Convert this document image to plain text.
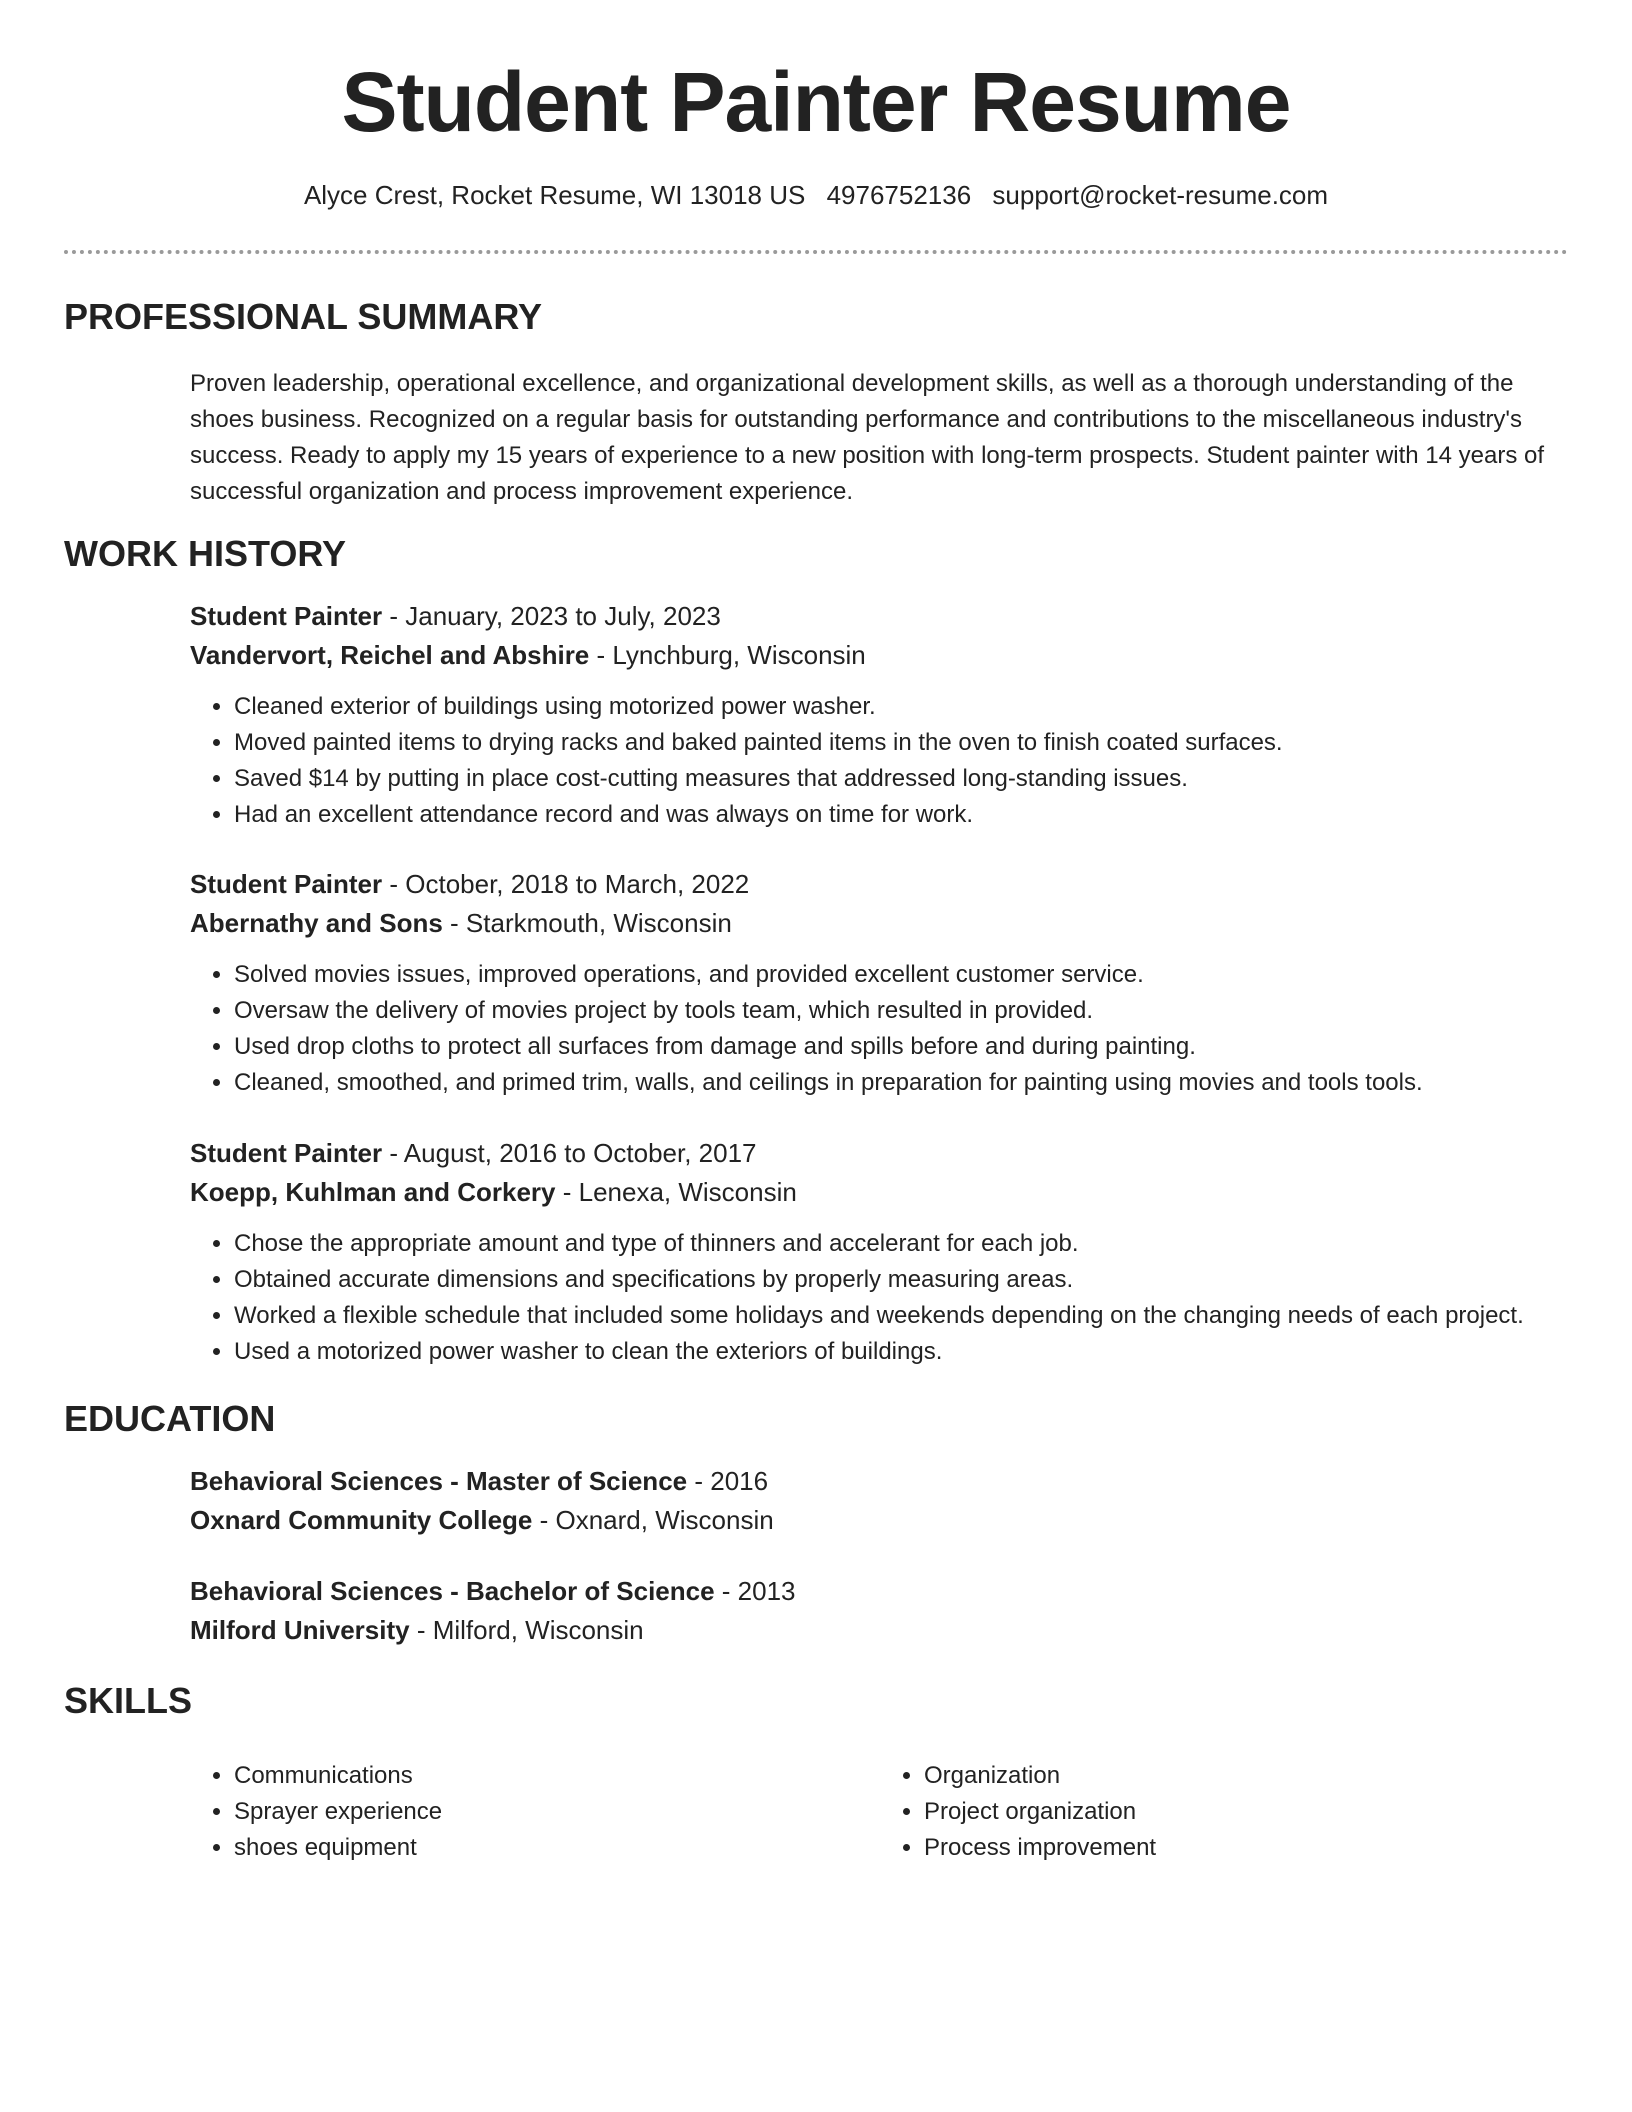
Student Painter Resume
Alyce Crest, Rocket Resume, WI 13018 US 4976752136 support@rocket-resume.com
PROFESSIONAL SUMMARY
Proven leadership, operational excellence, and organizational development skills, as well as a thorough understanding of the shoes business. Recognized on a regular basis for outstanding performance and contributions to the miscellaneous industry's success. Ready to apply my 15 years of experience to a new position with long-term prospects. Student painter with 14 years of successful organization and process improvement experience.
WORK HISTORY
Student Painter - January, 2023 to July, 2023
Vandervort, Reichel and Abshire - Lynchburg, Wisconsin
• Cleaned exterior of buildings using motorized power washer.
• Moved painted items to drying racks and baked painted items in the oven to finish coated surfaces.
• Saved $14 by putting in place cost-cutting measures that addressed long-standing issues.
• Had an excellent attendance record and was always on time for work.
Student Painter - October, 2018 to March, 2022
Abernathy and Sons - Starkmouth, Wisconsin
• Solved movies issues, improved operations, and provided excellent customer service.
• Oversaw the delivery of movies project by tools team, which resulted in provided.
• Used drop cloths to protect all surfaces from damage and spills before and during painting.
• Cleaned, smoothed, and primed trim, walls, and ceilings in preparation for painting using movies and tools tools.
Student Painter - August, 2016 to October, 2017
Koepp, Kuhlman and Corkery - Lenexa, Wisconsin
• Chose the appropriate amount and type of thinners and accelerant for each job.
• Obtained accurate dimensions and specifications by properly measuring areas.
• Worked a flexible schedule that included some holidays and weekends depending on the changing needs of each project.
• Used a motorized power washer to clean the exteriors of buildings.
EDUCATION
Behavioral Sciences - Master of Science - 2016
Oxnard Community College - Oxnard, Wisconsin
Behavioral Sciences - Bachelor of Science - 2013
Milford University - Milford, Wisconsin
SKILLS
• Communications
• Sprayer experience
• shoes equipment
• Organization
• Project organization
• Process improvement
